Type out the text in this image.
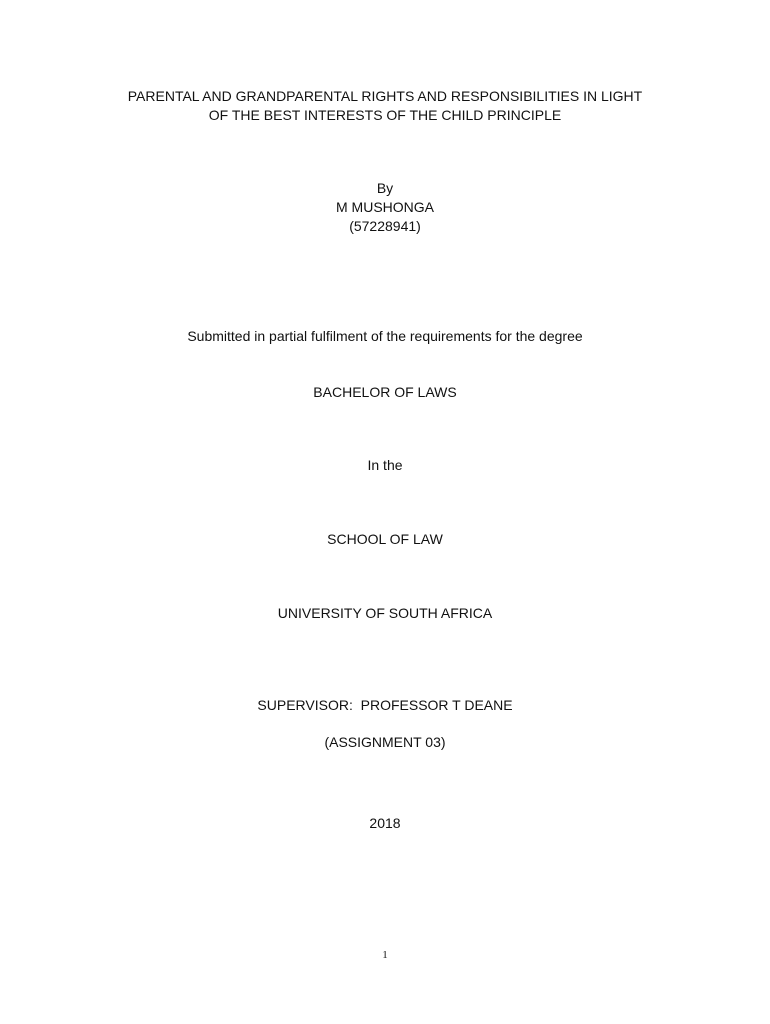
PARENTAL AND GRANDPARENTAL RIGHTS AND RESPONSIBILITIES IN LIGHT
OF THE BEST INTERESTS OF THE CHILD PRINCIPLE
By
M MUSHONGA
(57228941)
Submitted in partial fulfilment of the requirements for the degree
BACHELOR OF LAWS
In the
SCHOOL OF LAW
UNIVERSITY OF SOUTH AFRICA
SUPERVISOR:  PROFESSOR T DEANE
(ASSIGNMENT 03)
2018
1
